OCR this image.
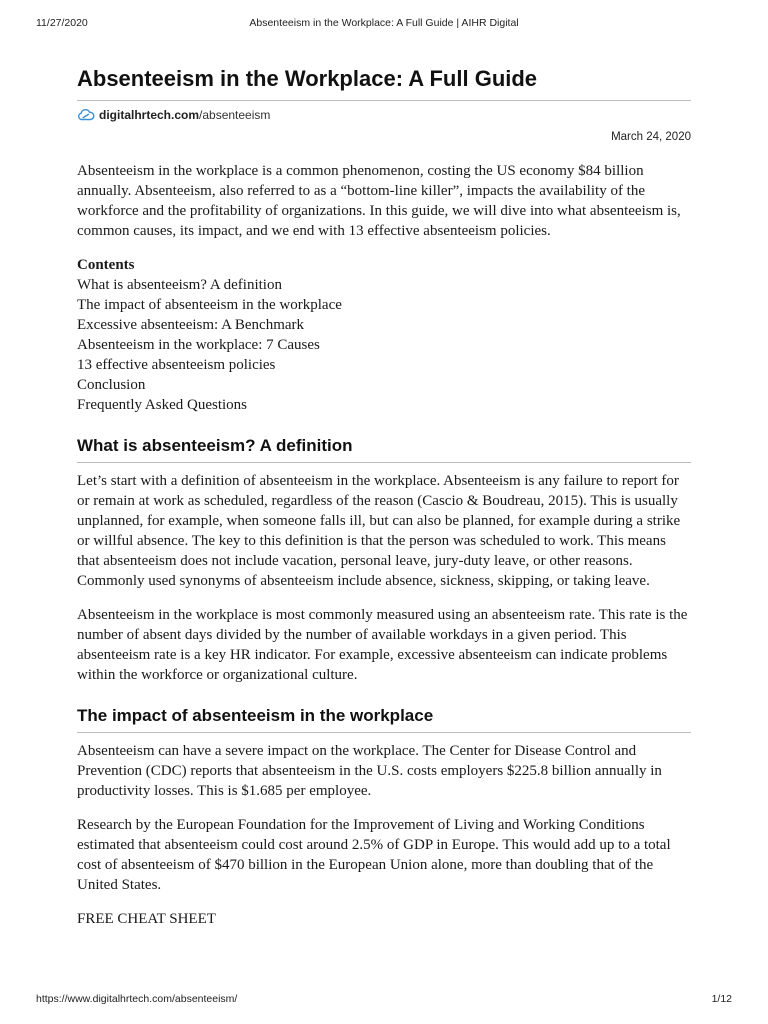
11/27/2020	Absenteeism in the Workplace: A Full Guide | AIHR Digital
Absenteeism in the Workplace: A Full Guide
digitalhrtech.com /absenteeism
March 24, 2020

Absenteeism in the workplace is a common phenomenon, costing the US economy $84 billion annually. Absenteeism, also referred to as a “bottom-line killer”, impacts the availability of the workforce and the profitability of organizations. In this guide, we will dive into what absenteeism is, common causes, its impact, and we end with 13 effective absenteeism policies.

Contents
What is absenteeism? A definition
The impact of absenteeism in the workplace
Excessive absenteeism: A Benchmark
Absenteeism in the workplace: 7 Causes
13 effective absenteeism policies
Conclusion
Frequently Asked Questions
What is absenteeism? A definition

Let’s start with a definition of absenteeism in the workplace. Absenteeism is any failure to report for or remain at work as scheduled, regardless of the reason (Cascio & Boudreau, 2015). This is usually unplanned, for example, when someone falls ill, but can also be planned, for example during a strike or willful absence. The key to this definition is that the person was scheduled to work. This means that absenteeism does not include vacation, personal leave, jury-duty leave, or other reasons. Commonly used synonyms of absenteeism include absence, sickness, skipping, or taking leave.

Absenteeism in the workplace is most commonly measured using an absenteeism rate. This rate is the number of absent days divided by the number of available workdays in a given period. This absenteeism rate is a key HR indicator. For example, excessive absenteeism can indicate problems within the workforce or organizational culture.

The impact of absenteeism in the workplace

Absenteeism can have a severe impact on the workplace. The Center for Disease Control and Prevention (CDC) reports that absenteeism in the U.S. costs employers $225.8 billion annually in productivity losses. This is $1.685 per employee.

Research by the European Foundation for the Improvement of Living and Working Conditions estimated that absenteeism could cost around 2.5% of GDP in Europe. This would add up to a total cost of absenteeism of $470 billion in the European Union alone, more than doubling that of the United States.

FREE CHEAT SHEET
https://www.digitalhrtech.com/absenteeism/	1/12
